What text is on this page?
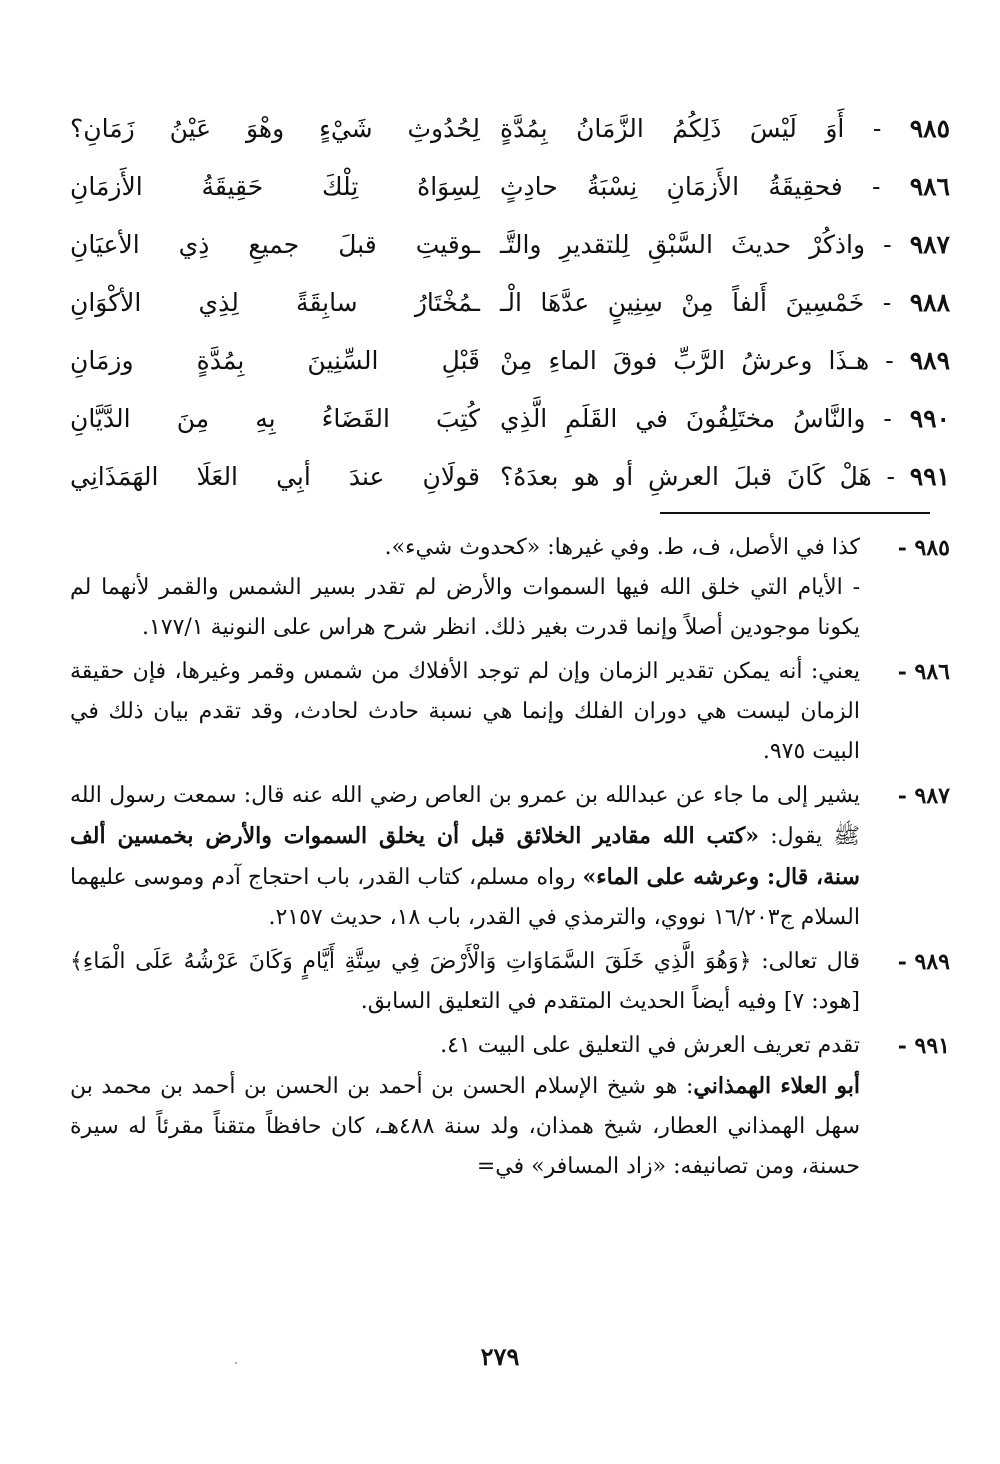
٩٨٥ - أَوَ لَيْسَ ذَلِكُمُ الزَّمَانُ بِمُدَّةٍ
لِحُدُوثِ شَيْءٍ وهْوَ عَيْنُ زَمَانِ؟
٩٨٦ - فحقِيقَةُ الأَزمَانِ نِسْبَةُ حادِثٍ
لِسِوَاهُ تِلْكَ حَقِيقَةُ الأَزمَانِ
٩٨٧ - واذكُرْ حديثَ السَّبْقِ لِلتقديرِ والتَّـ
ـوقيتِ قبلَ جميعِ ذِي الأعيَانِ
٩٨٨ - خَمْسِينَ أَلفاً مِنْ سِنِينٍ عدَّهَا الْـ
ـمُخْتَارُ سابِقَةً لِذِي الأكْوَانِ
٩٨٩ - هـذَا وعرشُ الرَّبِّ فوقَ الماءِ مِنْ
قَبْلِ السِّنِينَ بِمُدَّةٍ وزمَانِ
٩٩٠ - والنَّاسُ مختَلِفُونَ في القَلَمِ الَّذِي
كُتِبَ القَضَاءُ بِهِ مِنَ الدَّيَّانِ
٩٩١ - هَلْ كَانَ قبلَ العرشِ أو هو بعدَهُ؟
قولَانِ عندَ أبِي العَلَا الهَمَذَانِي
٩٨٥ -
كذا في الأصل، ف، ط. وفي غيرها: «كحدوث شيء».
- الأيام التي خلق الله فيها السموات والأرض لم تقدر بسير الشمس والقمر لأنهما لم يكونا موجودين أصلاً وإنما قدرت بغير ذلك. انظر شرح هراس على النونية ١٧٧/١.
٩٨٦ -
يعني: أنه يمكن تقدير الزمان وإن لم توجد الأفلاك من شمس وقمر وغيرها، فإن حقيقة الزمان ليست هي دوران الفلك وإنما هي نسبة حادث لحادث، وقد تقدم بيان ذلك في البيت ٩٧٥.
٩٨٧ -
يشير إلى ما جاء عن عبدالله بن عمرو بن العاص رضي الله عنه قال: سمعت رسول الله ﷺ يقول: «كتب الله مقادير الخلائق قبل أن يخلق السموات والأرض بخمسين ألف سنة، قال: وعرشه على الماء» رواه مسلم، كتاب القدر، باب احتجاج آدم وموسى عليهما السلام ج١٦/٢٠٣ نووي، والترمذي في القدر، باب ١٨، حديث ٢١٥٧.
٩٨٩ -
قال تعالى: ﴿وَهُوَ الَّذِي خَلَقَ السَّمَاوَاتِ وَالْأَرْضَ فِي سِتَّةِ أَيَّامٍ وَكَانَ عَرْشُهُ عَلَى الْمَاءِ﴾ [هود: ٧] وفيه أيضاً الحديث المتقدم في التعليق السابق.
٩٩١ -
تقدم تعريف العرش في التعليق على البيت ٤١.
أبو العلاء الهمذاني: هو شيخ الإسلام الحسن بن أحمد بن الحسن بن أحمد بن محمد بن سهل الهمذاني العطار، شيخ همذان، ولد سنة ٤٨٨هـ، كان حافظاً متقناً مقرئاً له سيرة حسنة، ومن تصانيفه: «زاد المسافر» في=
٢٧٩
